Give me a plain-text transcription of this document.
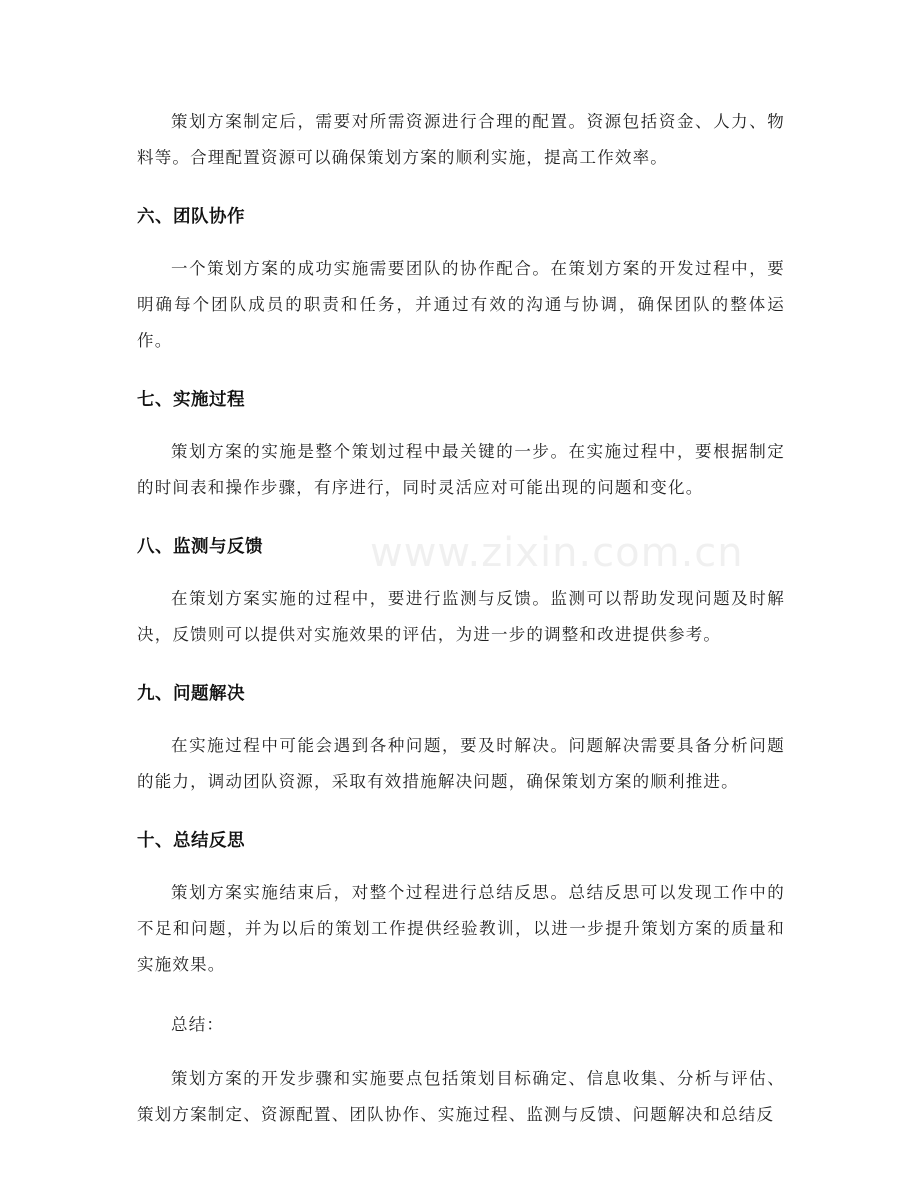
策划方案制定后，需要对所需资源进行合理的配置。资源包括资金、人力、物料等。合理配置资源可以确保策划方案的顺利实施，提高工作效率。

六、团队协作

一个策划方案的成功实施需要团队的协作配合。在策划方案的开发过程中，要明确每个团队成员的职责和任务，并通过有效的沟通与协调，确保团队的整体运作。

七、实施过程

策划方案的实施是整个策划过程中最关键的一步。在实施过程中，要根据制定的时间表和操作步骤，有序进行，同时灵活应对可能出现的问题和变化。

八、监测与反馈

在策划方案实施的过程中，要进行监测与反馈。监测可以帮助发现问题及时解决，反馈则可以提供对实施效果的评估，为进一步的调整和改进提供参考。

九、问题解决

在实施过程中可能会遇到各种问题，要及时解决。问题解决需要具备分析问题的能力，调动团队资源，采取有效措施解决问题，确保策划方案的顺利推进。

十、总结反思

策划方案实施结束后，对整个过程进行总结反思。总结反思可以发现工作中的不足和问题，并为以后的策划工作提供经验教训，以进一步提升策划方案的质量和实施效果。

总结：

策划方案的开发步骤和实施要点包括策划目标确定、信息收集、分析与评估、策划方案制定、资源配置、团队协作、实施过程、监测与反馈、问题解决和总结反

www.zixin.com.cn
